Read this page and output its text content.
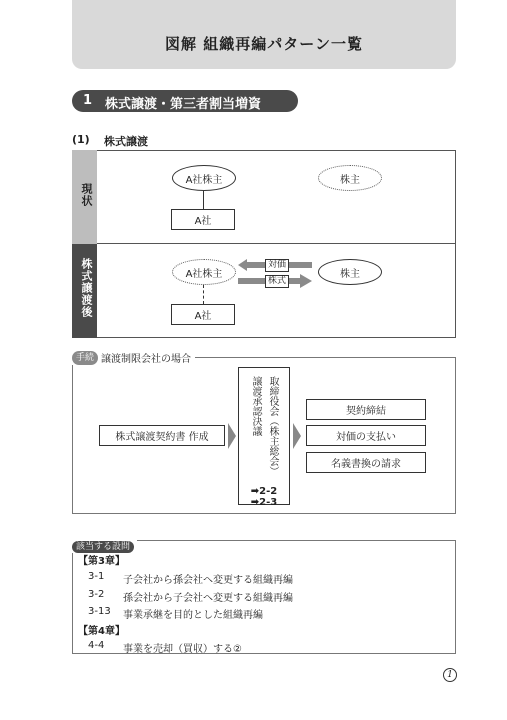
図解 組織再編パターン一覧
1 株式譲渡・第三者割当増資
(1) 株式譲渡
現状
株式譲渡後
A社株主	株主
A社
A社株主	株主
A社
対価
株式
手続 譲渡制限会社の場合
株式譲渡契約書 作成	取締役会（株主総会）
譲渡承認決議
➡2-2
➡2-3
契約締結
対価の支払い
名義書換の請求
該当する設問
【第3章】
3-1 子会社から孫会社へ変更する組織再編
3-2 孫会社から子会社へ変更する組織再編
3-13 事業承継を目的とした組織再編
【第4章】
4-4 事業を売却（買収）する②
1
